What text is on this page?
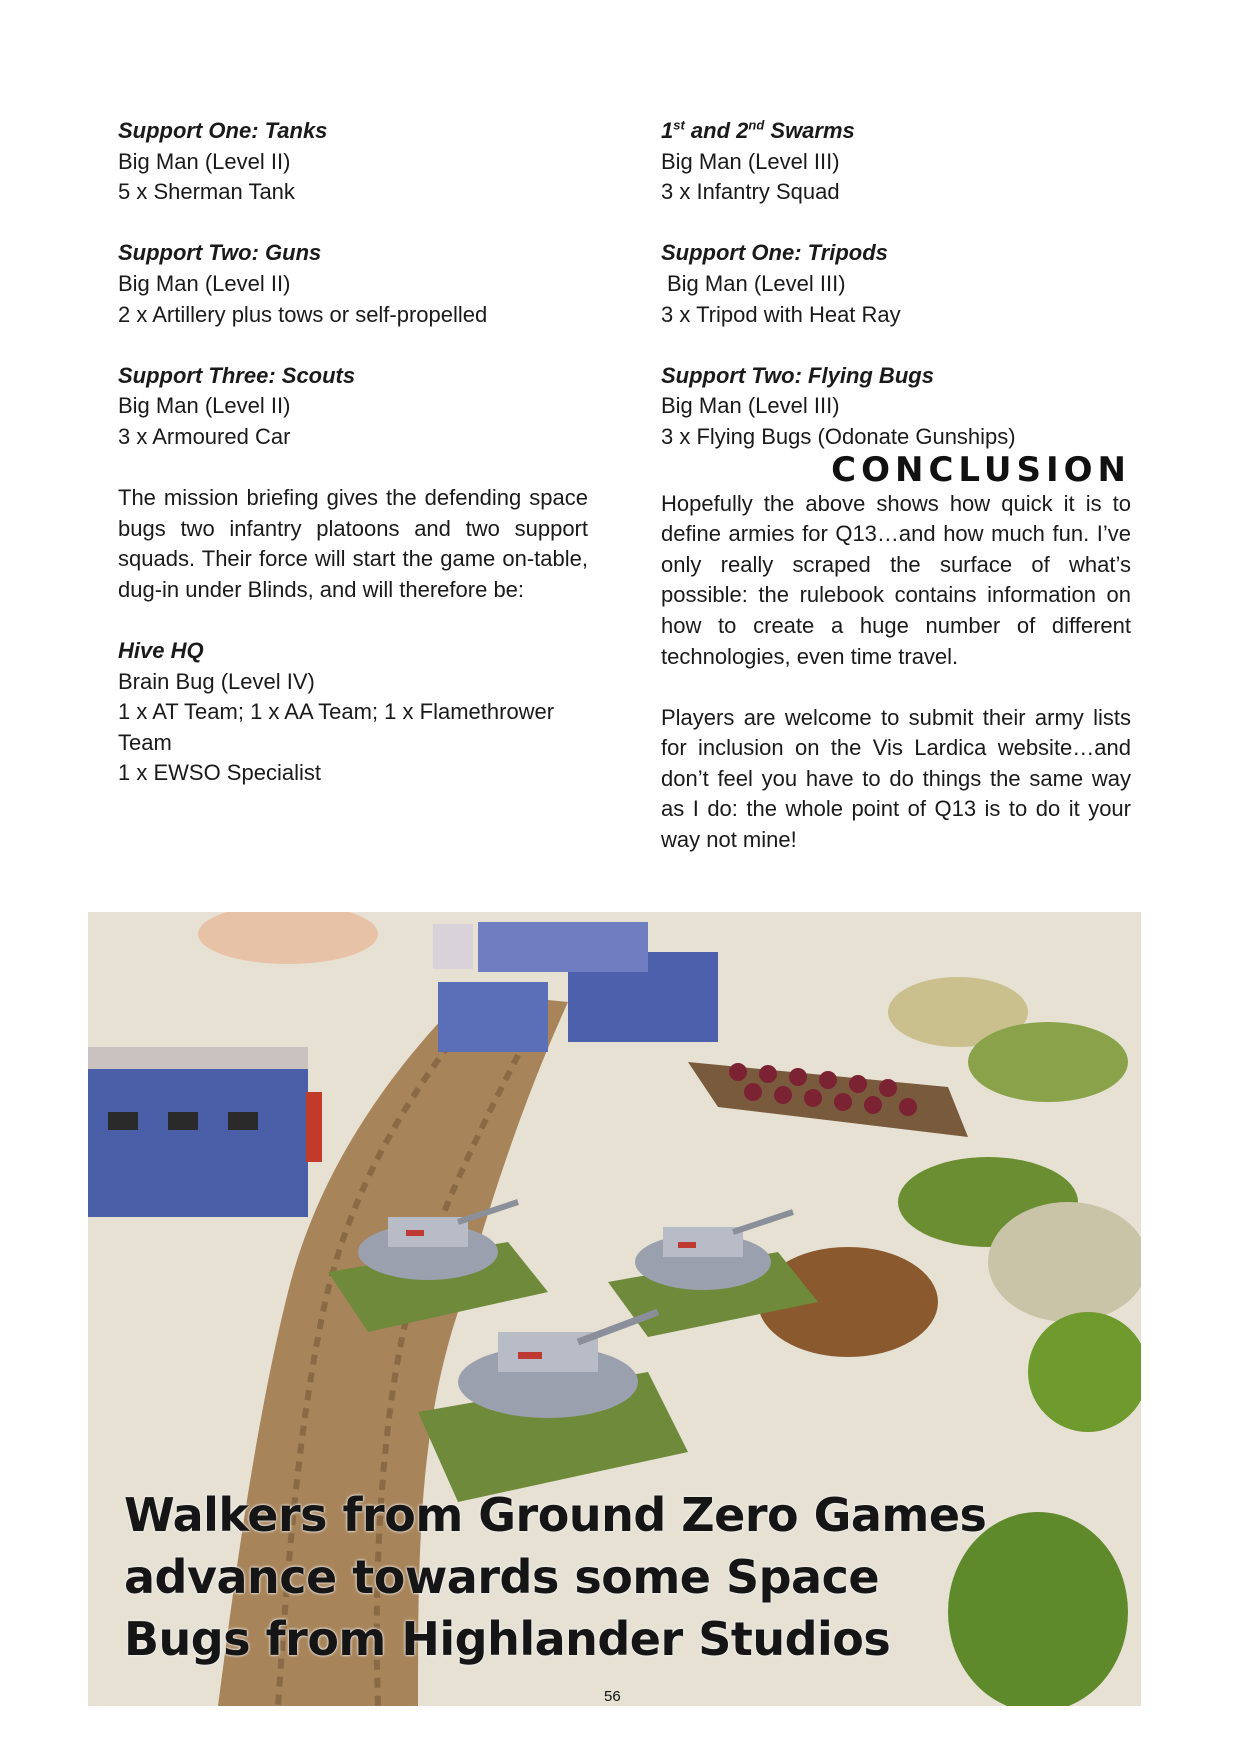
Support One: Tanks
Big Man (Level II)
5 x Sherman Tank
Support Two: Guns
Big Man (Level II)
2 x Artillery plus tows or self-propelled
Support Three: Scouts
Big Man (Level II)
3 x Armoured Car
The mission briefing gives the defending space bugs two infantry platoons and two support squads. Their force will start the game on-table, dug-in under Blinds, and will therefore be:
Hive HQ
Brain Bug (Level IV)
1 x AT Team; 1 x AA Team; 1 x Flamethrower Team
1 x EWSO Specialist
1st and 2nd Swarms
Big Man (Level III)
3 x Infantry Squad
Support One: Tripods
Big Man (Level III)
3 x Tripod with Heat Ray
Support Two: Flying Bugs
Big Man (Level III)
3 x Flying Bugs (Odonate Gunships)
CONCLUSION
Hopefully the above shows how quick it is to define armies for Q13…and how much fun. I’ve only really scraped the surface of what’s possible: the rulebook contains information on how to create a huge number of different technologies, even time travel.
Players are welcome to submit their army lists for inclusion on the Vis Lardica website…and don’t feel you have to do things the same way as I do: the whole point of Q13 is to do it your way not mine!
Walkers from Ground Zero Games
advance towards some Space
Bugs from Highlander Studios
56
